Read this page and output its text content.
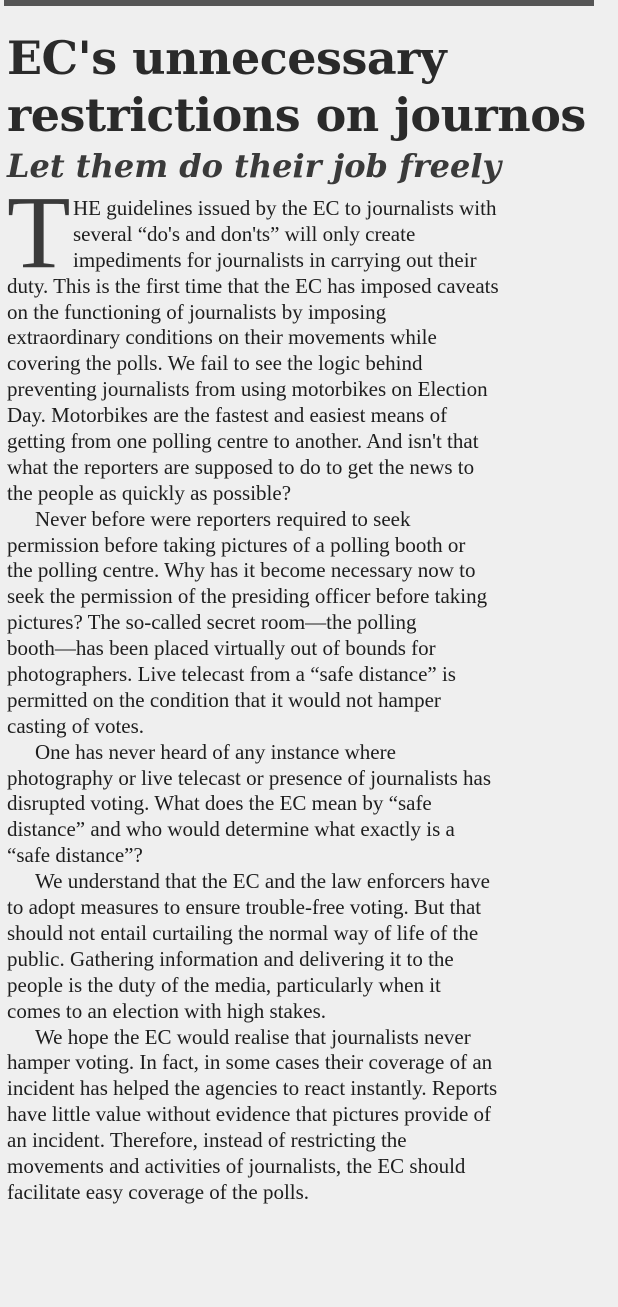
EC's unnecessary
restrictions on journos
Let them do their job freely
T HE guidelines issued by the EC to journalists with
several “do's and don'ts” will only create
impediments for journalists in carrying out their
duty. This is the first time that the EC has imposed caveats
on the functioning of journalists by imposing
extraordinary conditions on their movements while
covering the polls. We fail to see the logic behind
preventing journalists from using motorbikes on Election
Day. Motorbikes are the fastest and easiest means of
getting from one polling centre to another. And isn't that
what the reporters are supposed to do to get the news to
the people as quickly as possible?
Never before were reporters required to seek
permission before taking pictures of a polling booth or
the polling centre. Why has it become necessary now to
seek the permission of the presiding officer before taking
pictures? The so-called secret room—the polling
booth—has been placed virtually out of bounds for
photographers. Live telecast from a “safe distance” is
permitted on the condition that it would not hamper
casting of votes.
One has never heard of any instance where
photography or live telecast or presence of journalists has
disrupted voting. What does the EC mean by “safe
distance” and who would determine what exactly is a
“safe distance”?
We understand that the EC and the law enforcers have
to adopt measures to ensure trouble-free voting. But that
should not entail curtailing the normal way of life of the
public. Gathering information and delivering it to the
people is the duty of the media, particularly when it
comes to an election with high stakes.
We hope the EC would realise that journalists never
hamper voting. In fact, in some cases their coverage of an
incident has helped the agencies to react instantly. Reports
have little value without evidence that pictures provide of
an incident. Therefore, instead of restricting the
movements and activities of journalists, the EC should
facilitate easy coverage of the polls.
